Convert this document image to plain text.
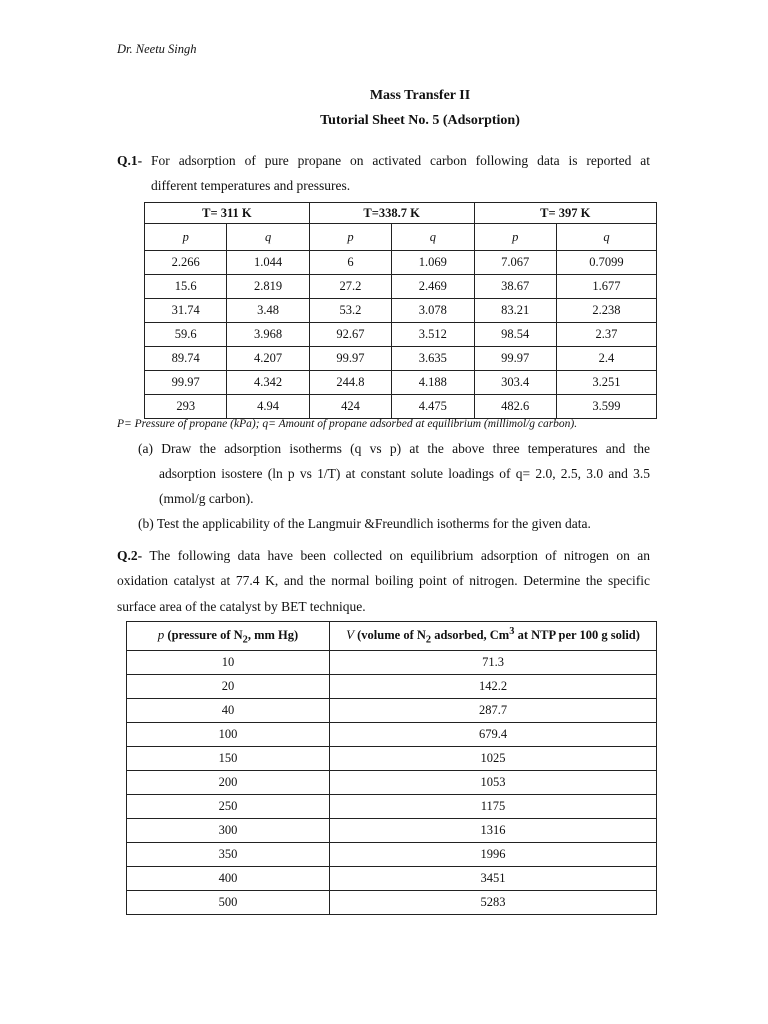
Dr. Neetu Singh
Mass Transfer II
Tutorial Sheet No. 5 (Adsorption)
Q.1- For adsorption of pure propane on activated carbon following data is reported at
different temperatures and pressures.
T= 311 K		T=338.7 K		T= 397 K	
p	q	p	q	p	q
2.266	1.044	6	1.069	7.067	0.7099
15.6	2.819	27.2	2.469	38.67	1.677
31.74	3.48	53.2	3.078	83.21	2.238
59.6	3.968	92.67	3.512	98.54	2.37
89.74	4.207	99.97	3.635	99.97	2.4
99.97	4.342	244.8	4.188	303.4	3.251
293	4.94	424	4.475	482.6	3.599
P= Pressure of propane (kPa); q= Amount of propane adsorbed at equilibrium (millimol/g carbon).
(a) Draw the adsorption isotherms (q vs p) at the above three temperatures and the
adsorption isostere (ln p vs 1/T) at constant solute loadings of q= 2.0, 2.5, 3.0 and 3.5
(mmol/g carbon).
(b) Test the applicability of the Langmuir &Freundlich isotherms for the given data.
Q.2- The following data have been collected on equilibrium adsorption of nitrogen on an
oxidation catalyst at 77.4 K, and the normal boiling point of nitrogen. Determine the specific
surface area of the catalyst by BET technique.
p (pressure of $N_2$, mm Hg)	V (volume of $N_2$ adsorbed, Cm$^3$ at NTP per 100 g solid)
10	71.3
20	142.2
40	287.7
100	679.4
150	1025
200	1053
250	1175
300	1316
350	1996
400	3451
500	5283
